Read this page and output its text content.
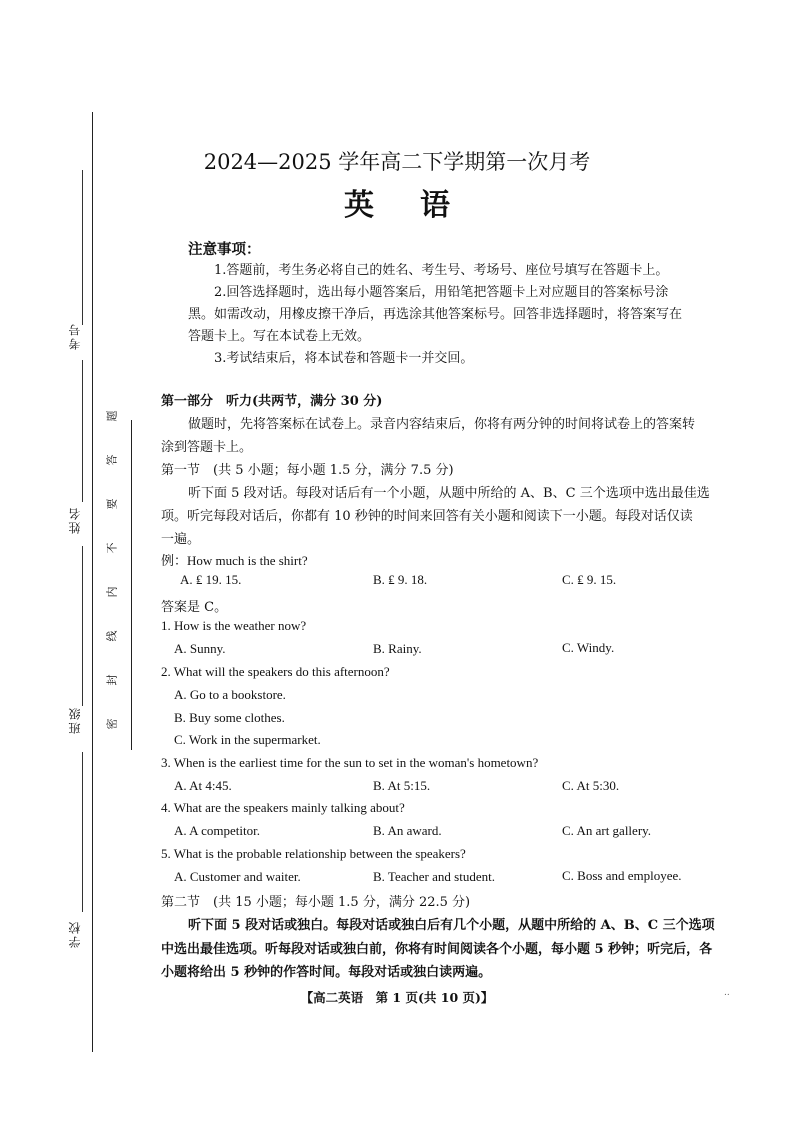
考号
姓名
班级
学校
题
答
要
不
内
线
封
密
2024—2025 学年高二下学期第一次月考
英语
注意事项：
1.答题前，考生务必将自己的姓名、考生号、考场号、座位号填写在答题卡上。
2.回答选择题时，选出每小题答案后，用铅笔把答题卡上对应题目的答案标号涂
黑。如需改动，用橡皮擦干净后，再选涂其他答案标号。回答非选择题时，将答案写在
答题卡上。写在本试卷上无效。
3.考试结束后，将本试卷和答题卡一并交回。
第一部分　听力(共两节，满分 30 分)
做题时，先将答案标在试卷上。录音内容结束后，你将有两分钟的时间将试卷上的答案转
涂到答题卡上。
第一节　(共 5 小题；每小题 1.5 分，满分 7.5 分)
听下面 5 段对话。每段对话后有一个小题，从题中所给的 A、B、C 三个选项中选出最佳选
项。听完每段对话后，你都有 10 秒钟的时间来回答有关小题和阅读下一小题。每段对话仅读
一遍。
例：How much is the shirt?
A. ₤ 19. 15.	B. ₤ 9. 18.	C. ₤ 9. 15.
答案是 C。
1. How is the weather now?
A. Sunny.	B. Rainy.	C. Windy.
2. What will the speakers do this afternoon?
A. Go to a bookstore.
B. Buy some clothes.
C. Work in the supermarket.
3. When is the earliest time for the sun to set in the woman's hometown?
A. At 4:45.	B. At 5:15.	C. At 5:30.
4. What are the speakers mainly talking about?
A. A competitor.	B. An award.	C. An art gallery.
5. What is the probable relationship between the speakers?
A. Customer and waiter.	B. Teacher and student.	C. Boss and employee.
第二节　(共 15 小题；每小题 1.5 分，满分 22.5 分)
听下面 5 段对话或独白。每段对话或独白后有几个小题，从题中所给的 A、B、C 三个选项
中选出最佳选项。听每段对话或独白前，你将有时间阅读各个小题，每小题 5 秒钟；听完后，各
小题将给出 5 秒钟的作答时间。每段对话或独白读两遍。
【高二英语　第 1 页(共 10 页)】	..
